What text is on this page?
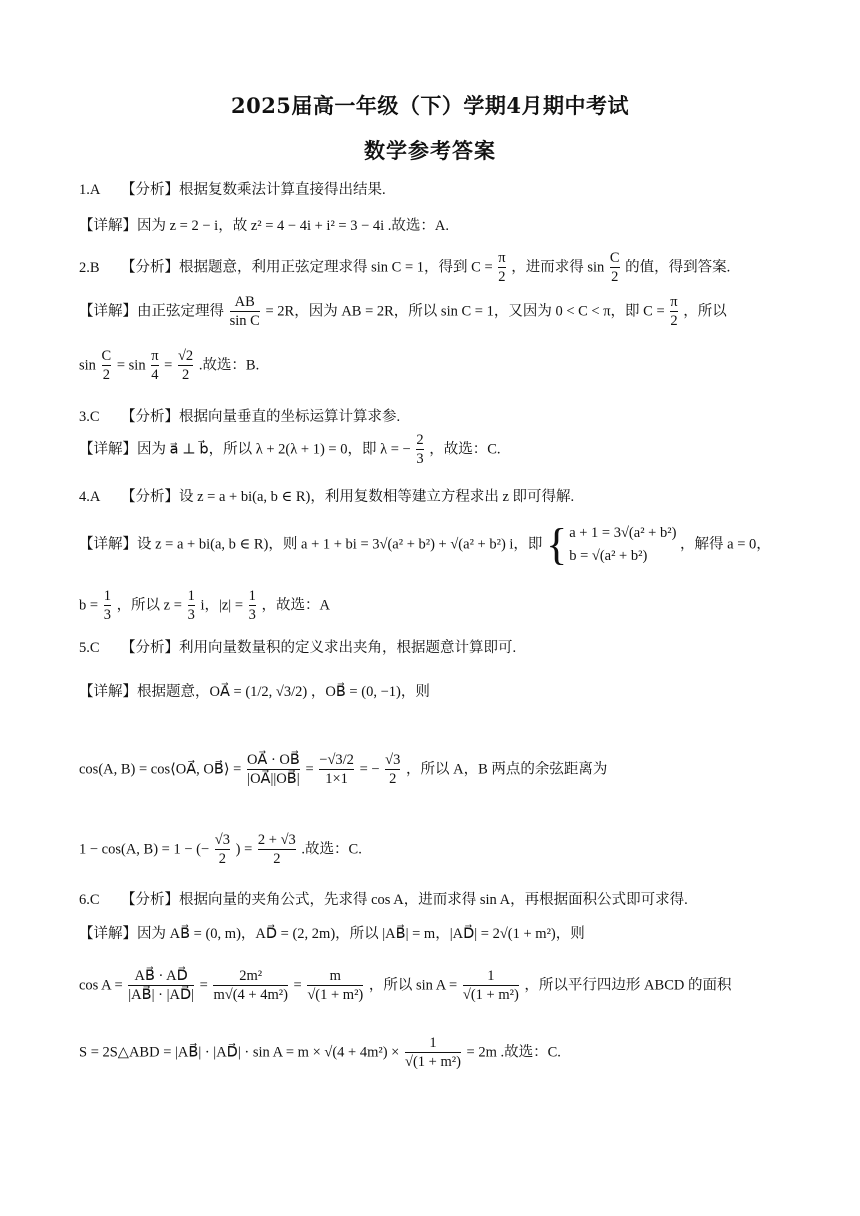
2025届高一年级（下）学期4月期中考试
数学参考答案
1.A 【分析】根据复数乘法计算直接得出结果.
【详解】因为 z = 2 − i，故 z² = 4 − 4i + i² = 3 − 4i .故选：A.
2.B 【分析】根据题意，利用正弦定理求得 sin C = 1，得到 $C = \frac{\pi}{2}$ ，进而求得 $\sin \frac{C}{2}$ 的值，得到答案.
【详解】由正弦定理得 $\frac{AB}{\text{sin C}} = 2R$，因为 AB = 2R，所以 sin C = 1，又因为 0 < C < π，即 $C = \frac{\pi}{2}$ ，所以
$\sin \frac{C}{2} = \sin \frac{\pi}{4} = \frac{√2}{2}$ .故选：B.
3.C 【分析】根据向量垂直的坐标运算计算求参.
【详解】因为 a⃗ ⊥ b⃗，所以 λ + 2(λ + 1) = 0，即 λ = − $\frac{2}{3}$ ，故选：C.
4.A 【分析】设 z = a + bi(a, b ∈ R)，利用复数相等建立方程求出 z 即可得解.
【详解】设 z = a + bi(a, b ∈ R)，则 a + 1 + bi = 3√(a² + b²) + √(a² + b²) i，即 { a + 1 = 3√(a² + b²)
b = √(a² + b²)
，解得 a = 0，
$b = \frac{1}{3}$ ，所以 $z = \frac{1}{3}$ i，$|z| = \frac{1}{3}$ ，故选：A
5.C 【分析】利用向量数量积的定义求出夹角，根据题意计算即可.
【详解】根据题意，OA⃗ = (1/2, √3/2) ，OB⃗ = (0, −1)，则
cos(A, B) = cos⟨OA⃗, OB⃗⟩ = $\frac{OA⃗ \cdot OB⃗}{|OA⃗||OB⃗|} = \frac{-√3/2}{1\times 1}$ = − $\frac{√3}{2}$ ，所以 A，B 两点的余弦距离为
1 − cos(A, B) = 1 − (− $\frac{√3}{2}$ ) = $\frac{2 + √3}{2}$ .故选：C.
6.C 【分析】根据向量的夹角公式，先求得 cos A，进而求得 sin A，再根据面积公式即可求得.
【详解】因为 AB⃗ = (0, m)，AD⃗ = (2, 2m)，所以 |AB⃗| = m，|AD⃗| = 2√(1 + m²)，则
$\cos A = \frac{AB⃗ \cdot AD⃗}{|AB⃗| \cdot |AD⃗|} = \frac{\text{2m²}}{\text{m√(4 + 4m²)}} = \frac{m}{\text{√(1 + m²)}}$ ，所以 $\sin A = \frac{1}{\text{√(1 + m²)}}$ ，所以平行四边形 ABCD 的面积
S = 2S△ABD = |AB⃗| · |AD⃗| · $\sin A = m \times √(4 + 4m^2) \times \frac{1}{\text{√(1 + m²)}} = 2m$ .故选：C.
